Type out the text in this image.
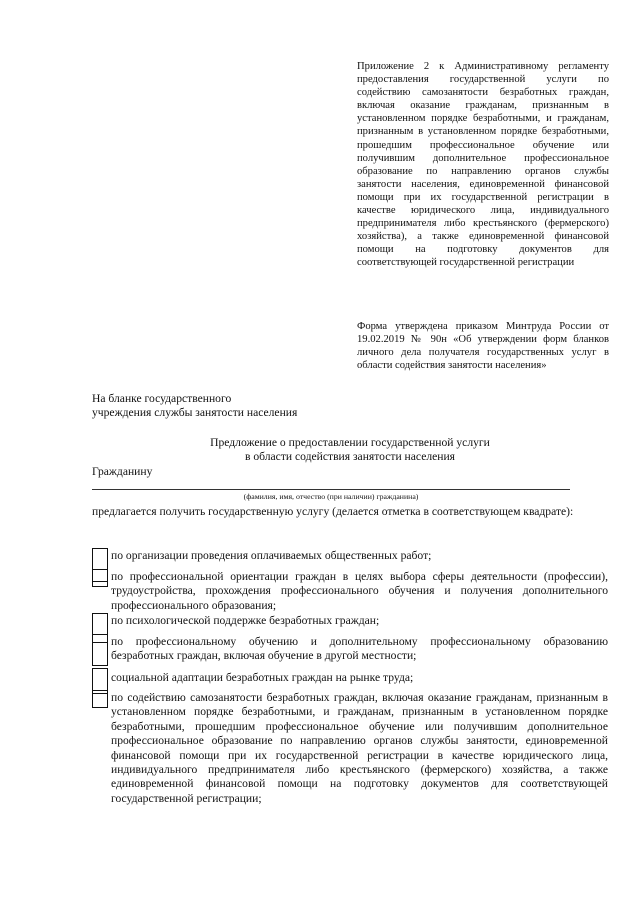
Приложение 2 к Административному регламенту предоставления государственной услуги по содействию самозанятости безработных граждан, включая оказание гражданам, признанным в установленном порядке безработными, и гражданам, признанным в установленном порядке безработными, прошедшим профессиональное обучение или получившим дополнительное профессиональное образование по направлению органов службы занятости населения, единовременной финансовой помощи при их государственной регистрации в качестве юридического лица, индивидуального предпринимателя либо крестьянского (фермерского) хозяйства), а также единовременной финансовой помощи на подготовку документов для соответствующей государственной регистрации
Форма утверждена приказом Минтруда России от 19.02.2019 № 90н «Об утверждении форм бланков личного дела получателя государственных услуг в области содействия занятости населения»
На бланке государственного
учреждения службы занятости населения
Предложение о предоставлении государственной услуги
в области содействия занятости населения
Гражданину
(фамилия, имя, отчество (при наличии) гражданина)
предлагается получить государственную услугу (делается отметка в соответствующем квадрате):
по организации проведения оплачиваемых общественных работ;
по профессиональной ориентации граждан в целях выбора сферы деятельности (профессии), трудоустройства, прохождения профессионального обучения и получения дополнительного профессионального образования;
по психологической поддержке безработных граждан;
по профессиональному обучению и дополнительному профессиональному образованию безработных граждан, включая обучение в другой местности;
социальной адаптации безработных граждан на рынке труда;
по содействию самозанятости безработных граждан, включая оказание гражданам, признанным в установленном порядке безработными, и гражданам, признанным в установленном порядке безработными, прошедшим профессиональное обучение или получившим дополнительное профессиональное образование по направлению органов службы занятости, единовременной финансовой помощи при их государственной регистрации в качестве юридического лица, индивидуального предпринимателя либо крестьянского (фермерского) хозяйства, а также единовременной финансовой помощи на подготовку документов для соответствующей государственной регистрации;
